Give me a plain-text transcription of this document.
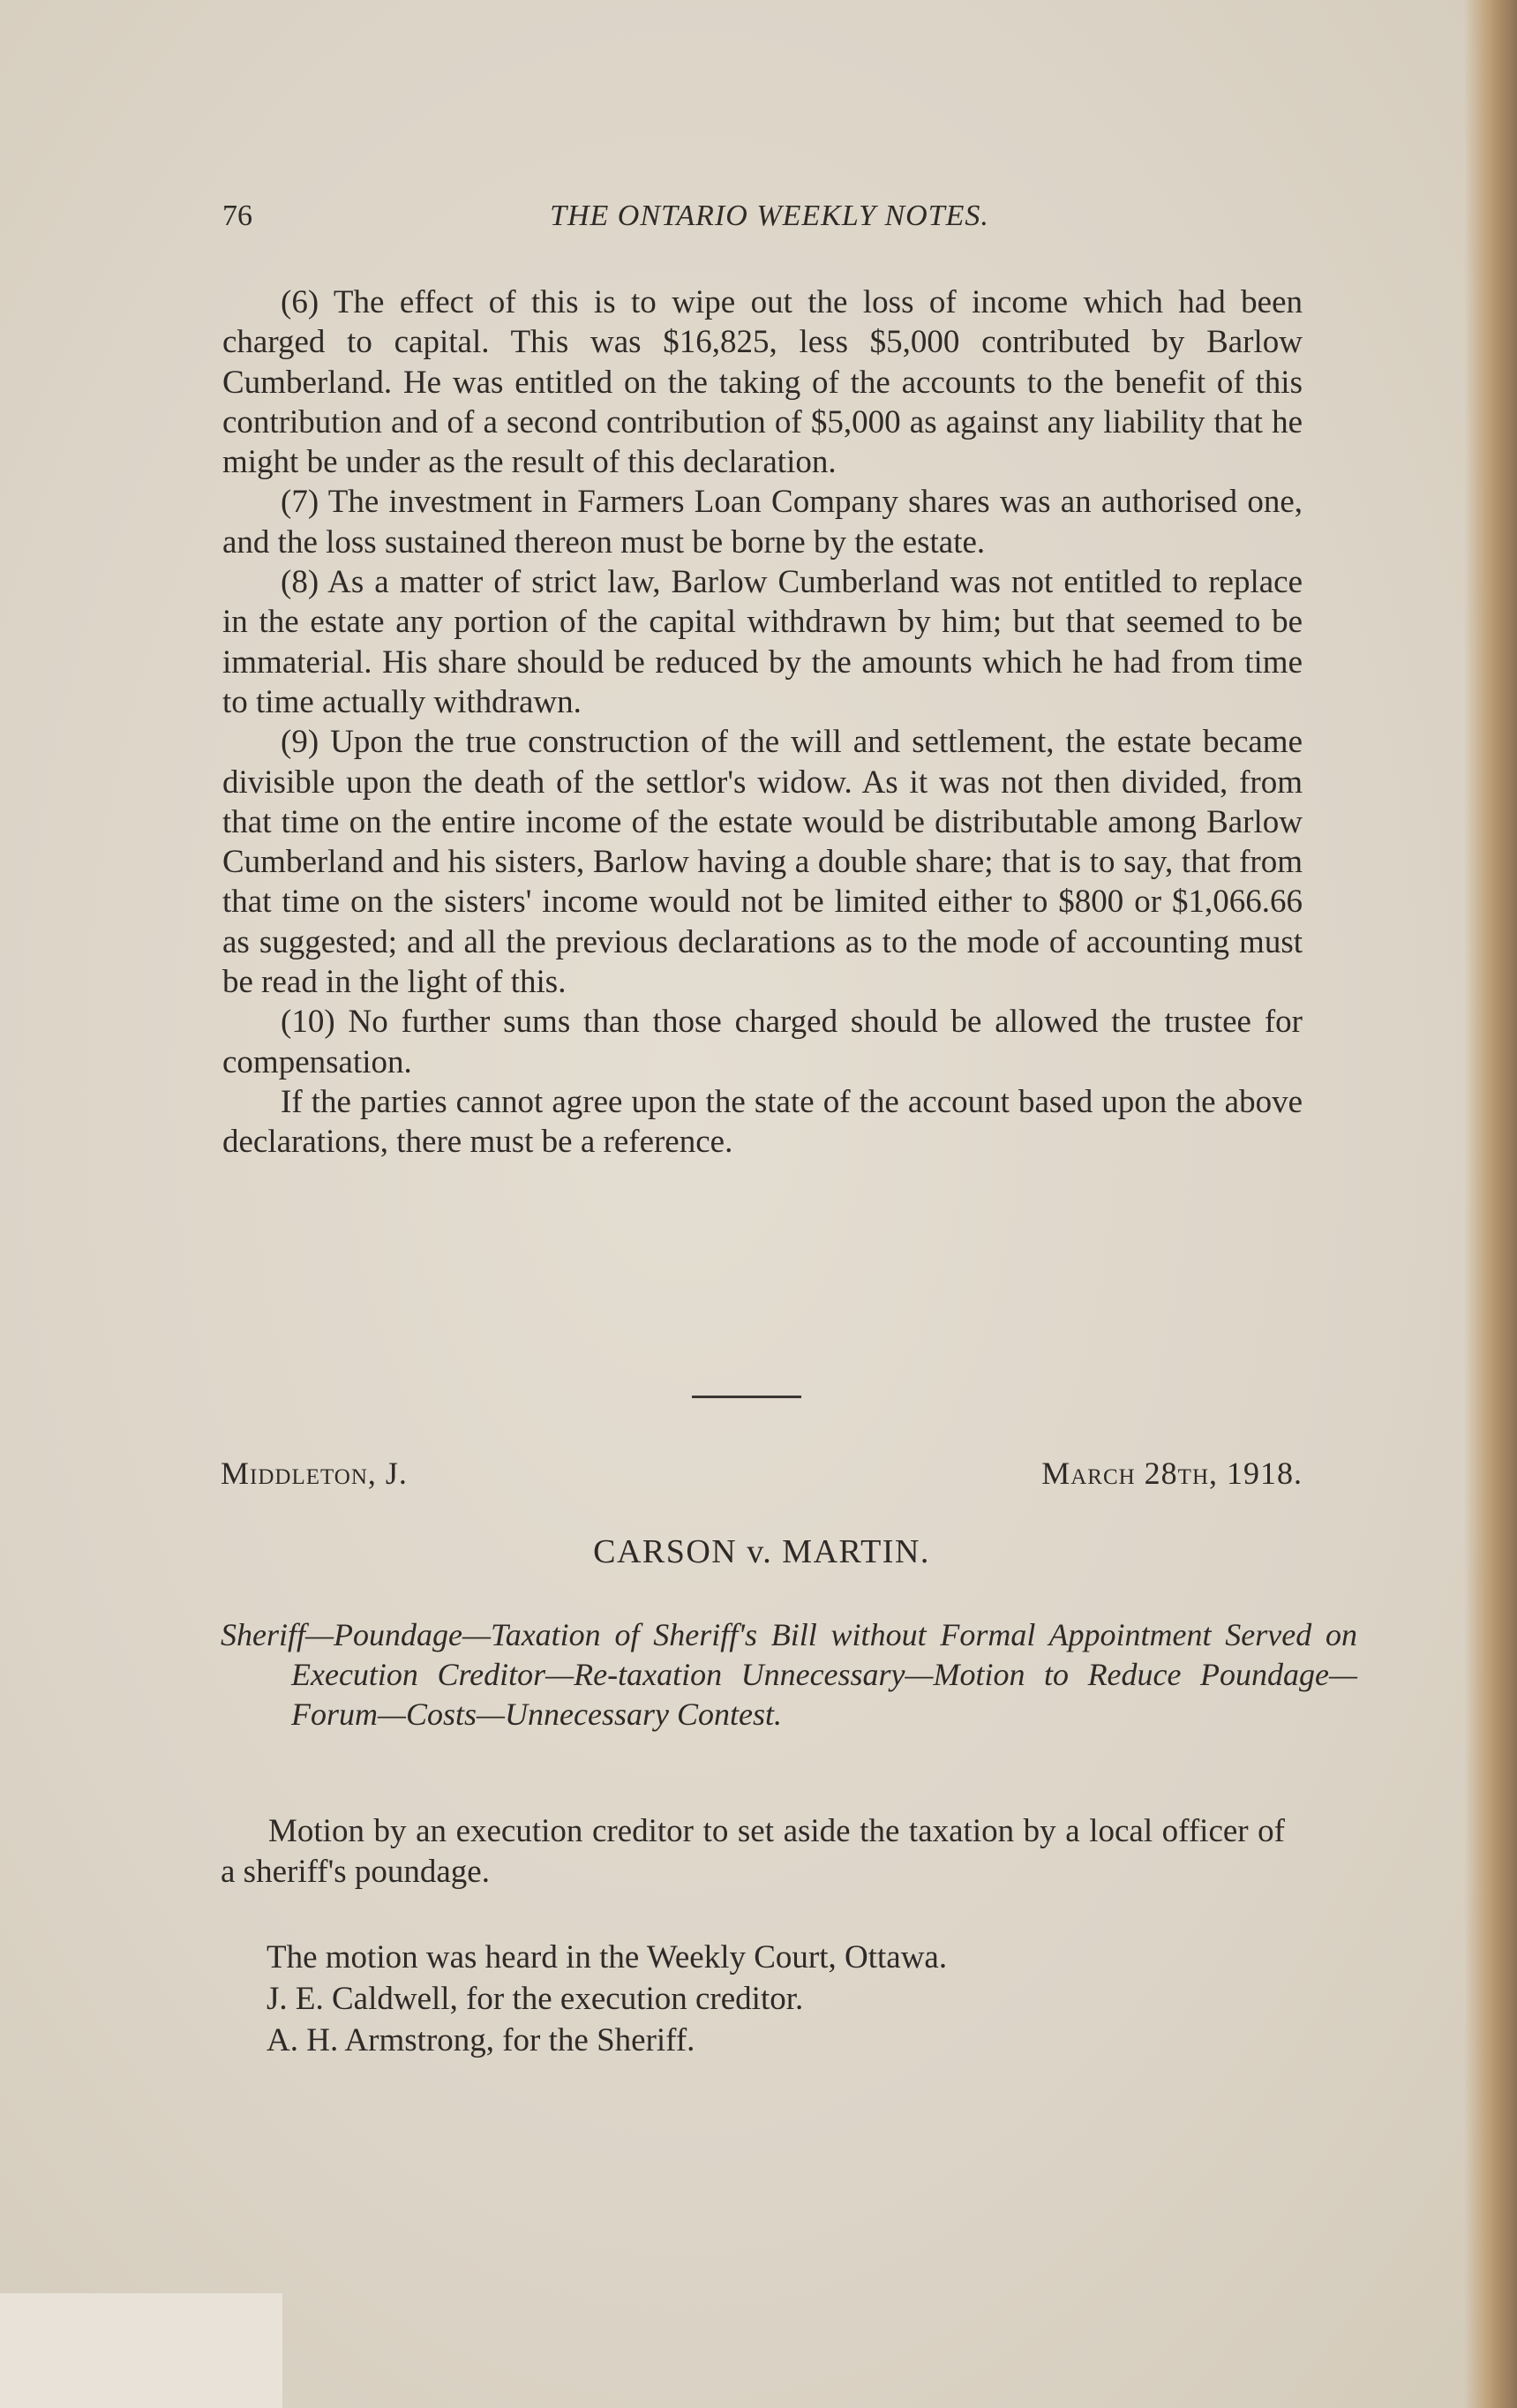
76	THE ONTARIO WEEKLY NOTES.

(6) The effect of this is to wipe out the loss of income which had been charged to capital. This was $16,825, less $5,000 contributed by Barlow Cumberland. He was entitled on the taking of the accounts to the benefit of this contribution and of a second contribution of $5,000 as against any liability that he might be under as the result of this declaration.

(7) The investment in Farmers Loan Company shares was an authorised one, and the loss sustained thereon must be borne by the estate.

(8) As a matter of strict law, Barlow Cumberland was not entitled to replace in the estate any portion of the capital withdrawn by him; but that seemed to be immaterial. His share should be reduced by the amounts which he had from time to time actually withdrawn.

(9) Upon the true construction of the will and settlement, the estate became divisible upon the death of the settlor's widow. As it was not then divided, from that time on the entire income of the estate would be distributable among Barlow Cumberland and his sisters, Barlow having a double share; that is to say, that from that time on the sisters' income would not be limited either to $800 or $1,066.66 as suggested; and all the previous declarations as to the mode of accounting must be read in the light of this.

(10) No further sums than those charged should be allowed the trustee for compensation.

If the parties cannot agree upon the state of the account based upon the above declarations, there must be a reference.

Middleton, J.	March 28th, 1918.
CARSON v. MARTIN.
Sheriff—Poundage—Taxation of Sheriff's Bill without Formal Appointment Served on Execution Creditor—Re-taxation Unnecessary—Motion to Reduce Poundage—Forum—Costs—Unnecessary Contest.
Motion by an execution creditor to set aside the taxation by a local officer of a sheriff's poundage.
The motion was heard in the Weekly Court, Ottawa.
J. E. Caldwell, for the execution creditor.
A. H. Armstrong, for the Sheriff.
